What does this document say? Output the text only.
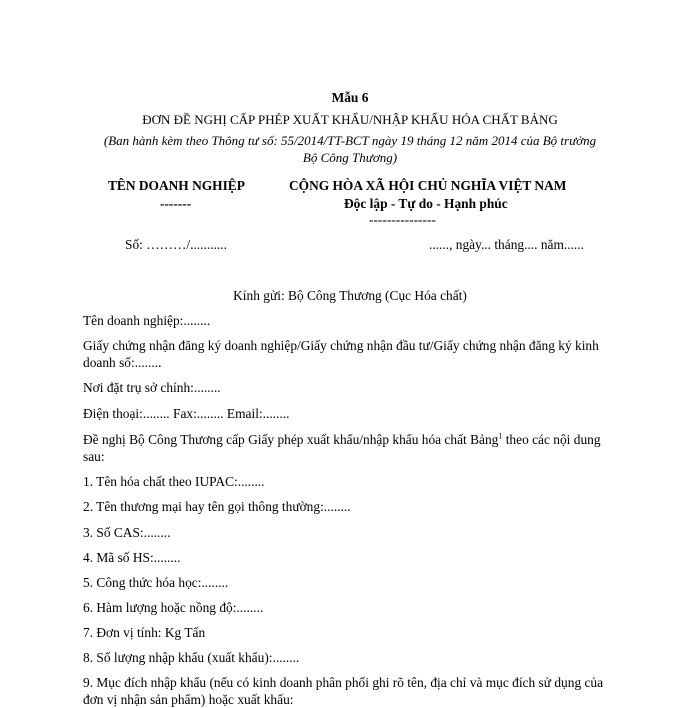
Mẫu 6
ĐƠN ĐỀ NGHỊ CẤP PHÉP XUẤT KHẨU/NHẬP KHẨU HÓA CHẤT BẢNG
(Ban hành kèm theo Thông tư số: 55/2014/TT-BCT ngày 19 tháng 12 năm 2014 của Bộ trưởng
Bộ Công Thương)
TÊN DOANH NGHIỆP
-------
Số: ………/...........
CỘNG HÒA XÃ HỘI CHỦ NGHĨA VIỆT NAM
Độc lập - Tự do - Hạnh phúc
---------------
......, ngày... tháng.... năm......
Kính gửi: Bộ Công Thương (Cục Hóa chất)
Tên doanh nghiệp:........
Giấy chứng nhận đăng ký doanh nghiệp/Giấy chứng nhận đầu tư/Giấy chứng nhận đăng ký kinh doanh số:........
Nơi đặt trụ sở chính:........
Điện thoại:........ Fax:........ Email:........
Đề nghị Bộ Công Thương cấp Giấy phép xuất khẩu/nhập khẩu hóa chất Bảng$^1$ theo các nội dung sau:
1. Tên hóa chất theo IUPAC:........
2. Tên thương mại hay tên gọi thông thường:........
3. Số CAS:........
4. Mã số HS:........
5. Công thức hóa học:........
6. Hàm lượng hoặc nồng độ:........
7. Đơn vị tính: Kg Tấn
8. Số lượng nhập khẩu (xuất khẩu):........
9. Mục đích nhập khẩu (nếu có kinh doanh phân phối ghi rõ tên, địa chỉ và mục đích sử dụng của đơn vị nhận sản phẩm) hoặc xuất khẩu:
